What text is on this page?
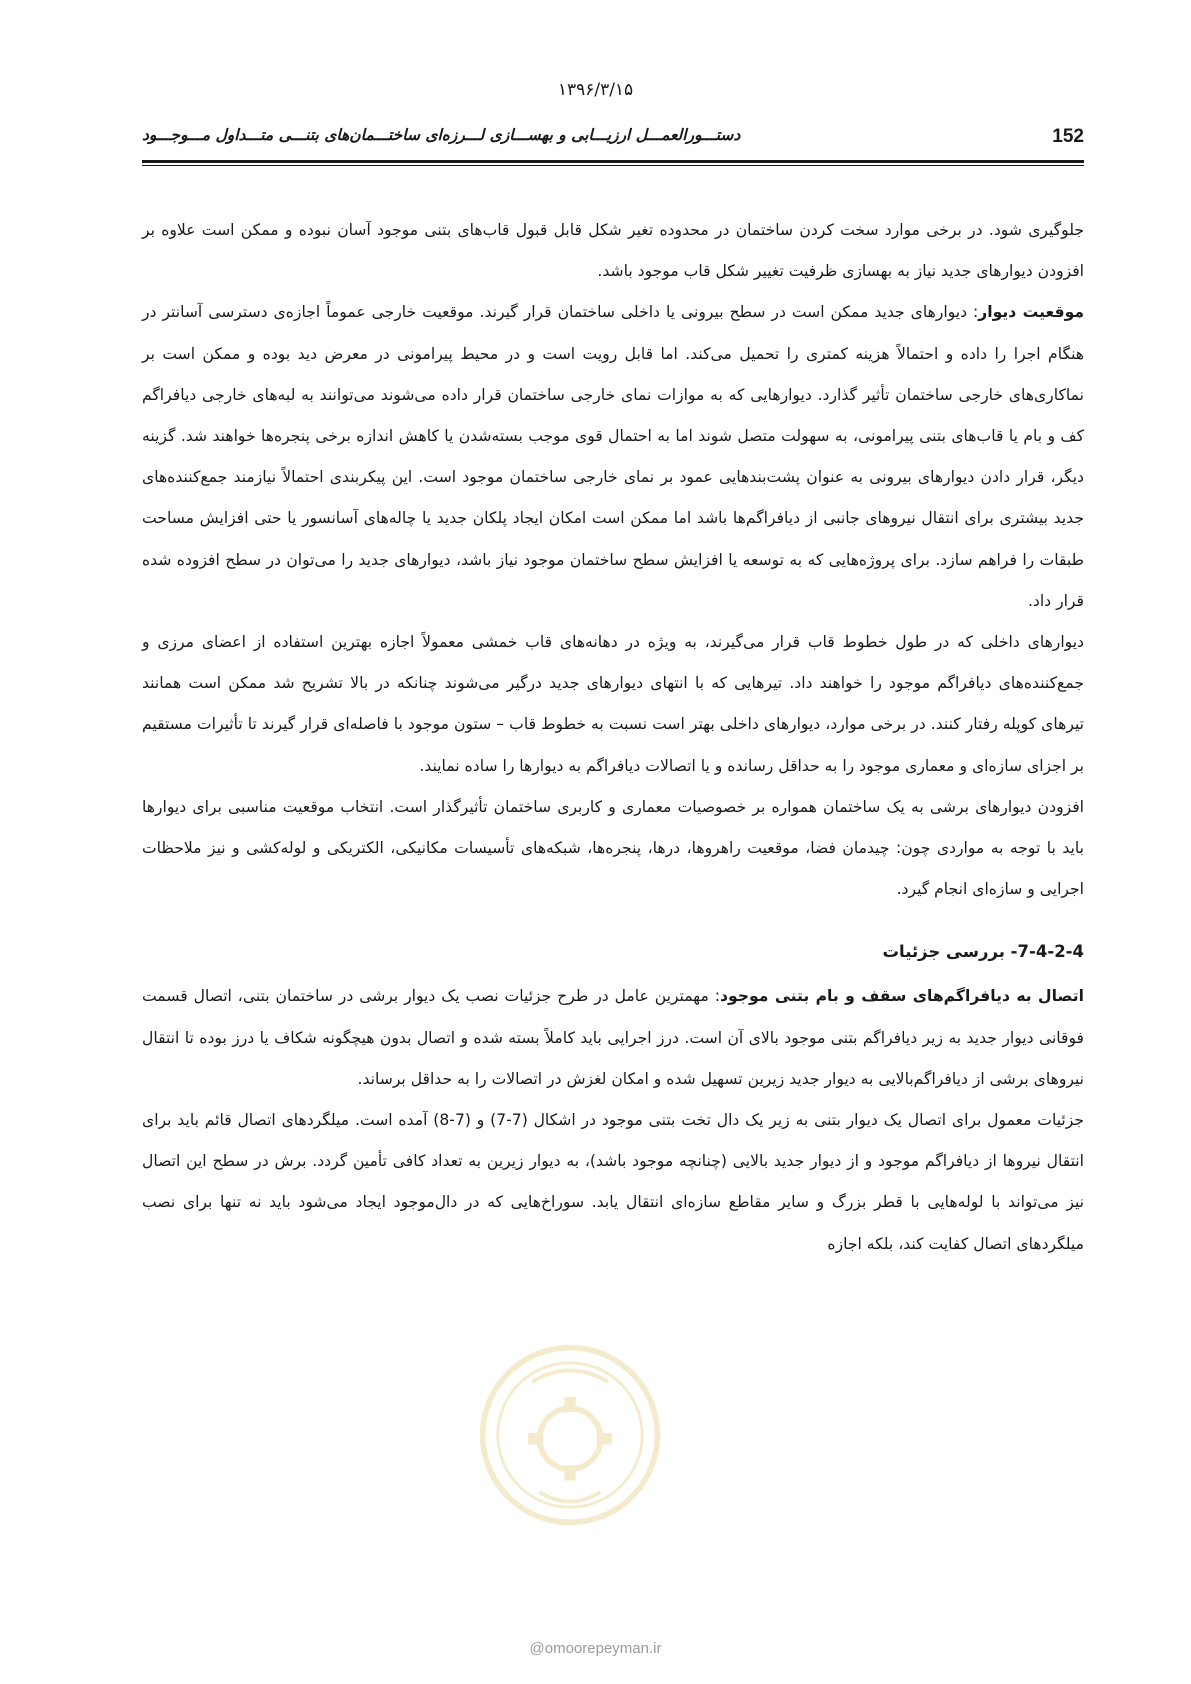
۱۳۹۶/۳/۱۵
دستـــورالعمـــل ارزیـــابی و بهســـازی لـــرزه‌ای ساختـــمان‌های بتنـــی متـــداول مـــوجـــود	152

جلوگیری شود. در برخی موارد سخت کردن ساختمان در محدوده تغیر شکل قابل قبول قاب‌های بتنی موجود آسان نبوده و ممکن است علاوه بر افزودن دیوارهای جدید نیاز به بهسازی ظرفیت تغییر شکل قاب موجود باشد.

موقعیت دیوار: دیوارهای جدید ممکن است در سطح بیرونی یا داخلی ساختمان قرار گیرند. موقعیت خارجی عموماً اجازه‌ی دسترسی آسانتر در هنگام اجرا را داده و احتمالاً هزینه کمتری را تحمیل می‌کند. اما قابل رویت است و در محیط پیرامونی در معرض دید بوده و ممکن است بر نماکاری‌های خارجی ساختمان تأثیر گذارد. دیوارهایی که به موازات نمای خارجی ساختمان قرار داده می‌شوند می‌توانند به لبه‌های خارجی دیافراگم کف و بام یا قاب‌های بتنی پیرامونی، به سهولت متصل شوند اما به احتمال قوی موجب بسته‌شدن یا کاهش اندازه برخی پنجره‌ها خواهند شد. گزینه دیگر، قرار دادن دیوارهای بیرونی به عنوان پشت‌بندهایی عمود بر نمای خارجی ساختمان موجود است. این پیکربندی احتمالاً نیازمند جمع‌کننده‌های جدید بیشتری برای انتقال نیروهای جانبی از دیافراگم‌ها باشد اما ممکن است امکان ایجاد پلکان جدید یا چاله‌های آسانسور یا حتی افزایش مساحت طبقات را فراهم سازد. برای پروژه‌هایی که به توسعه یا افزایش سطح ساختمان موجود نیاز باشد، دیوارهای جدید را می‌توان در سطح افزوده شده قرار داد.

دیوارهای داخلی که در طول خطوط قاب قرار می‌گیرند، به ویژه در دهانه‌های قاب خمشی معمولاً اجازه بهترین استفاده از اعضای مرزی و جمع‌کننده‌های دیافراگم موجود را خواهند داد. تیرهایی که با انتهای دیوارهای جدید درگیر می‌شوند چنانکه در بالا تشریح شد ممکن است همانند تیرهای کوپله رفتار کنند. در برخی موارد، دیوارهای داخلی بهتر است نسبت به خطوط قاب – ستون موجود با فاصله‌ای قرار گیرند تا تأثیرات مستقیم بر اجزای سازه‌ای و معماری موجود را به حداقل رسانده و یا اتصالات دیافراگم به دیوارها را ساده نمایند.

افزودن دیوارهای برشی به یک ساختمان همواره بر خصوصیات معماری و کاربری ساختمان تأثیرگذار است. انتخاب موقعیت مناسبی برای دیوارها باید با توجه به مواردی چون: چیدمان فضا، موقعیت راهروها، درها، پنجره‌ها، شبکه‌های تأسیسات مکانیکی، الکتریکی و لوله‌کشی و نیز ملاحظات اجرایی و سازه‌ای انجام گیرد.

7-4-2-4- بررسی جزئیات

اتصال به دیافراگم‌های سقف و بام بتنی موجود: مهمترین عامل در طرح جزئیات نصب یک دیوار برشی در ساختمان بتنی، اتصال قسمت فوقانی دیوار جدید به زیر دیافراگم بتنی موجود بالای آن است. درز اجرایی باید کاملاً بسته شده و اتصال بدون هیچگونه شکاف یا درز بوده تا انتقال نیروهای برشی از دیافراگم‌بالایی به دیوار جدید زیرین تسهیل شده و امکان لغزش در اتصالات را به حداقل برساند.

جزئیات معمول برای اتصال یک دیوار بتنی به زیر یک دال تخت بتنی موجود در اشکال (7-7) و (7-8) آمده است. میلگردهای اتصال قائم باید برای انتقال نیروها از دیافراگم موجود و از دیوار جدید بالایی (چنانچه موجود باشد)، به دیوار زیرین به تعداد کافی تأمین گردد. برش در سطح این اتصال نیز می‌تواند با لوله‌هایی با قطر بزرگ و سایر مقاطع سازه‌ای انتقال یابد. سوراخ‌هایی که در دال‌موجود ایجاد می‌شود باید نه تنها برای نصب میلگردهای اتصال کفایت کند، بلکه اجازه

@omoorepeyman.ir
